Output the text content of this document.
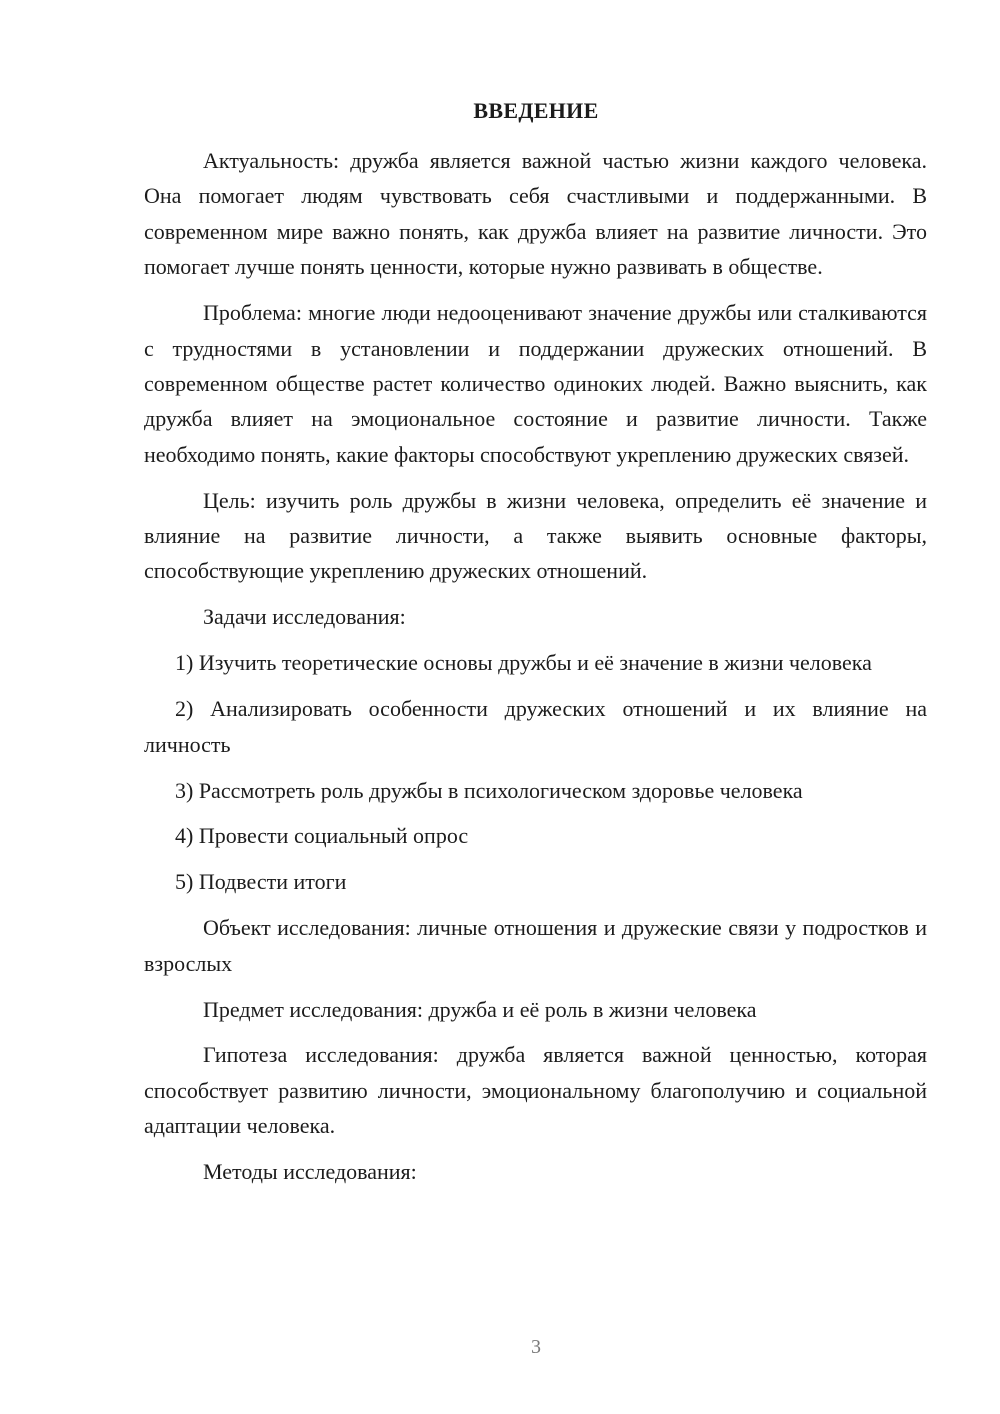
ВВЕДЕНИЕ

Актуальность: дружба является важной частью жизни каждого человека. Она помогает людям чувствовать себя счастливыми и поддержанными. В современном мире важно понять, как дружба влияет на развитие личности. Это помогает лучше понять ценности, которые нужно развивать в обществе.

Проблема: многие люди недооценивают значение дружбы или сталкиваются с трудностями в установлении и поддержании дружеских отношений. В современном обществе растет количество одиноких людей. Важно выяснить, как дружба влияет на эмоциональное состояние и развитие личности. Также необходимо понять, какие факторы способствуют укреплению дружеских связей.

Цель: изучить роль дружбы в жизни человека, определить её значение и влияние на развитие личности, а также выявить основные факторы, способствующие укреплению дружеских отношений.

Задачи исследования:

1) Изучить теоретические основы дружбы и её значение в жизни человека

2) Анализировать особенности дружеских отношений и их влияние на личность

3) Рассмотреть роль дружбы в психологическом здоровье человека

4) Провести социальный опрос

5) Подвести итоги

Объект исследования: личные отношения и дружеские связи у подростков и взрослых

Предмет исследования: дружба и её роль в жизни человека

Гипотеза исследования: дружба является важной ценностью, которая способствует развитию личности, эмоциональному благополучию и социальной адаптации человека.

Методы исследования:

3
